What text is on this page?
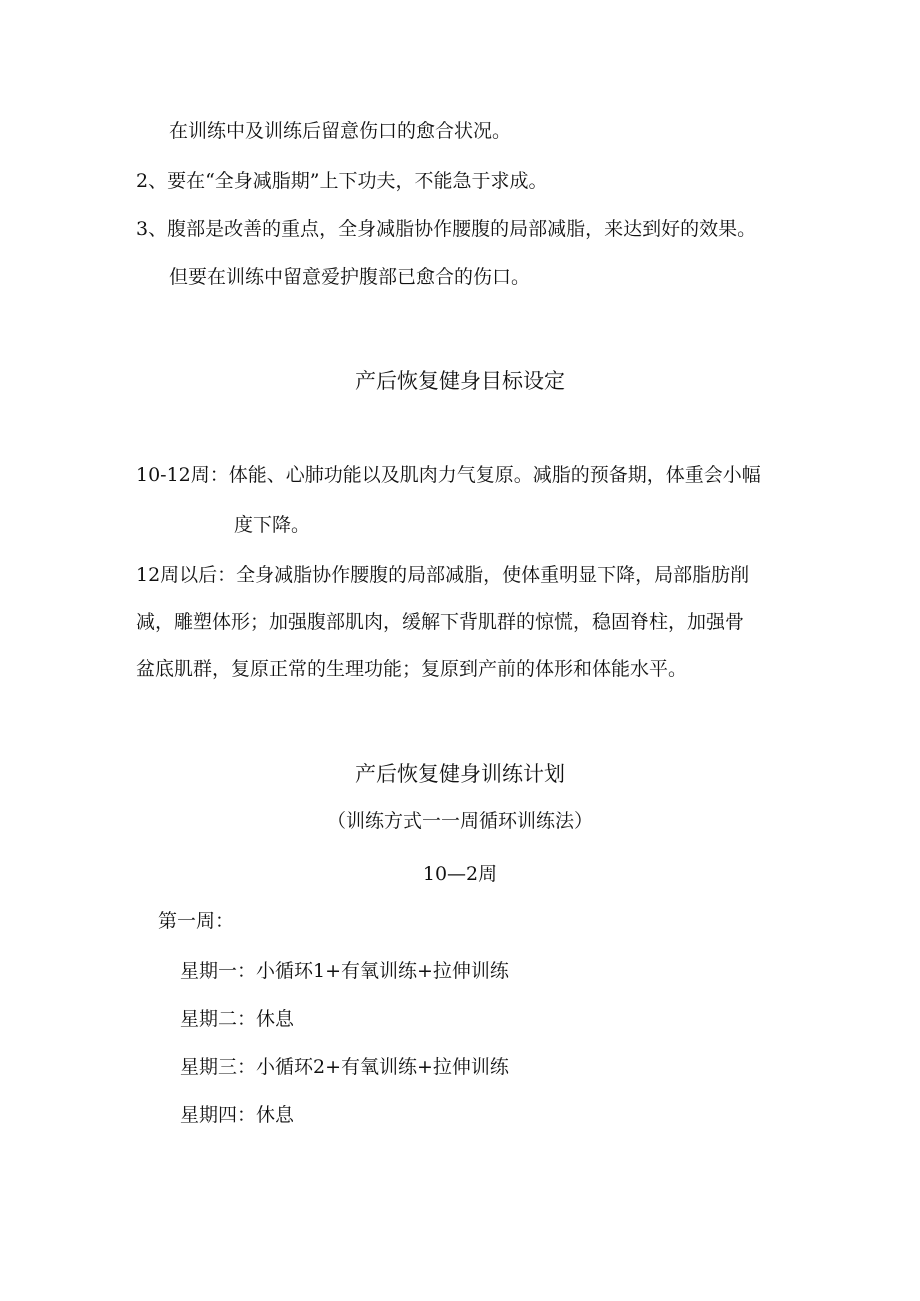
在训练中及训练后留意伤口的愈合状况。
2、要在“全身减脂期”上下功夫，不能急于求成。
3、腹部是改善的重点，全身减脂协作腰腹的局部减脂，来达到好的效果。
但要在训练中留意爱护腹部已愈合的伤口。
产后恢复健身目标设定
10-12周：体能、心肺功能以及肌肉力气复原。减脂的预备期，体重会小幅
度下降。
12周以后：全身减脂协作腰腹的局部减脂，使体重明显下降，局部脂肪削
减，雕塑体形；加强腹部肌肉，缓解下背肌群的惊慌，稳固脊柱，加强骨
盆底肌群，复原正常的生理功能；复原到产前的体形和体能水平。
产后恢复健身训练计划
（训练方式一一周循环训练法）
10—2周
第一周：
星期一：小循环1+有氧训练+拉伸训练
星期二：休息
星期三：小循环2+有氧训练+拉伸训练
星期四：休息
